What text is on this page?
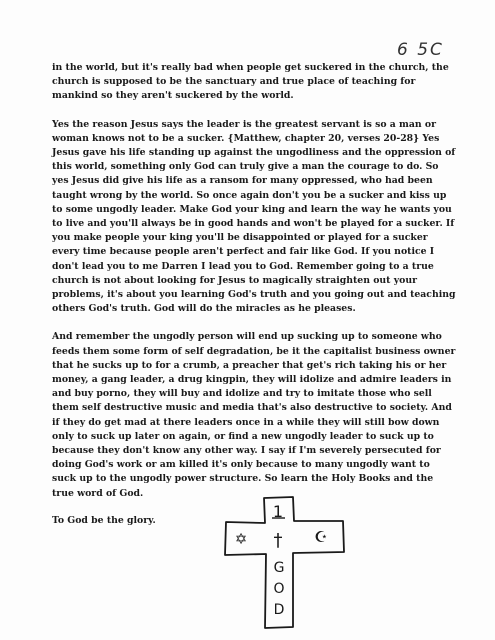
6 5C

in the world, but it's really bad when people get suckered in the church, the church is supposed to be the sanctuary and true place of teaching for mankind so they aren't suckered by the world.

Yes the reason Jesus says the leader is the greatest servant is so a man or woman knows not to be a sucker. {Matthew, chapter 20, verses 20-28} Yes Jesus gave his life standing up against the ungodliness and the oppression of this world, something only God can truly give a man the courage to do. So yes Jesus did give his life as a ransom for many oppressed, who had been taught wrong by the world. So once again don't you be a sucker and kiss up to some ungodly leader. Make God your king and learn the way he wants you to live and you'll always be in good hands and won't be played for a sucker. If you make people your king you'll be disappointed or played for a sucker every time because people aren't perfect and fair like God. If you notice I don't lead you to me Darren I lead you to God. Remember going to a true church is not about looking for Jesus to magically straighten out your problems, it's about you learning God's truth and you going out and teaching others God's truth. God will do the miracles as he pleases.

And remember the ungodly person will end up sucking up to someone who feeds them some form of self degradation, be it the capitalist business owner that he sucks up to for a crumb, a preacher that get's rich taking his or her money, a gang leader, a drug kingpin, they will idolize and admire leaders in and buy porno, they will buy and idolize and try to imitate those who sell them self destructive music and media that's also destructive to society. And if they do get mad at there leaders once in a while they will still bow down only to suck up later on again, or find a new ungodly leader to suck up to because they don't know any other way. I say if I'm severely persecuted for doing God's work or am killed it's only because to many ungodly want to suck up to the ungodly power structure. So learn the Holy Books and the true word of God.

To God be the glory.	1
†
✡	☪
G
O
D
